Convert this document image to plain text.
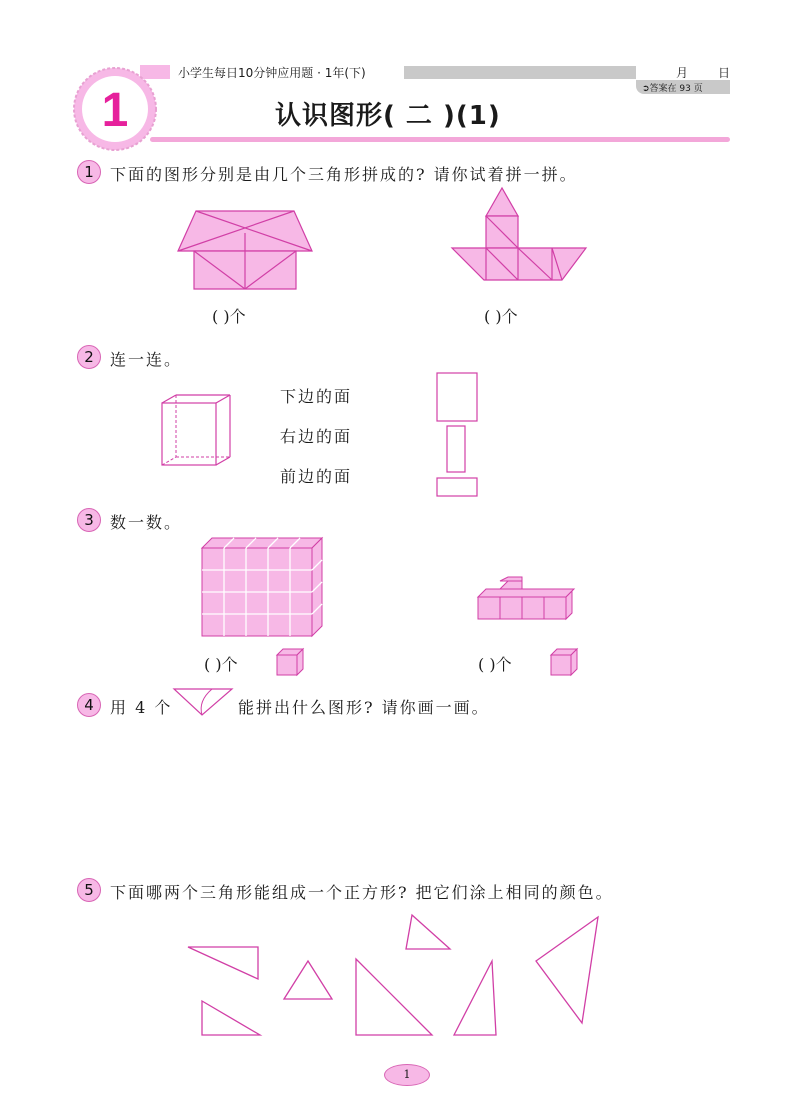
小学生每日10分钟应用题 · 1年(下)	月 日
➲答案在 93 页
1	认识图形( 二 )(1)
1	下面的图形分别是由几个三角形拼成的? 请你试着拼一拼。
( )个	( )个
2	连一连。
下边的面
右边的面
前边的面
3	数一数。
( )个	( )个
4	用 4 个	能拼出什么图形? 请你画一画。
5	下面哪两个三角形能组成一个正方形? 把它们涂上相同的颜色。
1
